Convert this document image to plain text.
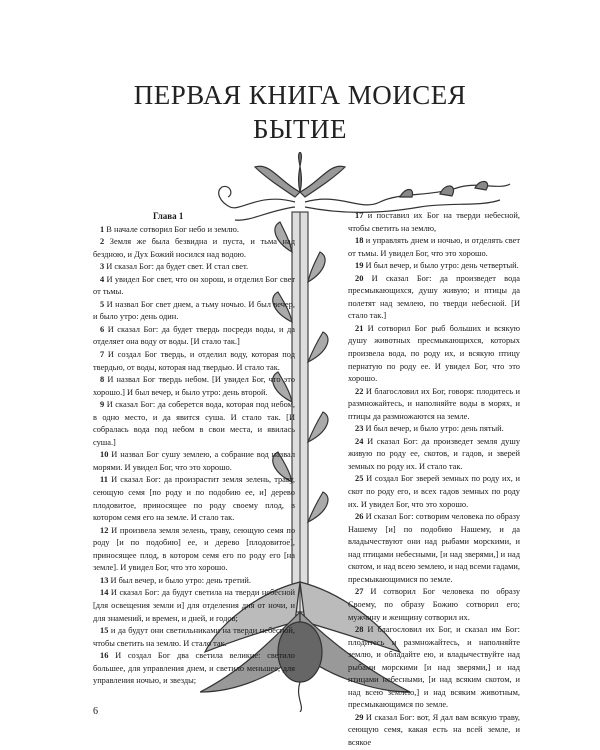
ПЕРВАЯ КНИГА МОИСЕЯ
БЫТИЕ
Глава 1

1 В начале сотворил Бог небо и землю.

2 Земля же была безвидна и пуста, и тьма над бездною, и Дух Божий носился над водою.

3 И сказал Бог: да будет свет. И стал свет.

4 И увидел Бог свет, что он хорош, и отделил Бог свет от тьмы.

5 И назвал Бог свет днем, а тьму ночью. И был вечер, и было утро: день один.

6 И сказал Бог: да будет твердь посреди воды, и да отделяет она воду от воды. [И стало так.]

7 И создал Бог твердь, и отделил воду, которая под твердью, от воды, которая над твердью. И стало так.

8 И назвал Бог твердь небом. [И увидел Бог, что это хорошо.] И был вечер, и было утро: день второй.

9 И сказал Бог: да соберется вода, которая под небом, в одно место, и да явится суша. И стало так. [И собралась вода под небом в свои места, и явилась суша.]

10 И назвал Бог сушу землею, а собрание вод назвал морями. И увидел Бог, что это хорошо.

11 И сказал Бог: да произрастит земля зелень, траву, сеющую семя [по роду и по подобию ее, и] дерево плодовитое, приносящее по роду своему плод, в котором семя его на земле. И стало так.

12 И произвела земля зелень, траву, сеющую семя по роду [и по подобию] ее, и дерево [плодовитое], приносящее плод, в котором семя его по роду его [на земле]. И увидел Бог, что это хорошо.

13 И был вечер, и было утро: день третий.

14 И сказал Бог: да будут светила на тверди небесной [для освещения земли и] для отделения дня от ночи, и для знамений, и времен, и дней, и годов;

15 и да будут они светильниками на тверди небесной, чтобы светить на землю. И стало так.

16 И создал Бог два светила великие: светило большее, для управления днем, и светило меньшее, для управления ночью, и звезды;

17 и поставил их Бог на тверди небесной, чтобы светить на землю,

18 и управлять днем и ночью, и отделять свет от тьмы. И увидел Бог, что это хорошо.

19 И был вечер, и было утро: день четвертый.

20 И сказал Бог: да произведет вода пресмыкающихся, душу живую; и птицы да полетят над землею, по тверди небесной. [И стало так.]

21 И сотворил Бог рыб больших и всякую душу животных пресмыкающихся, которых произвела вода, по роду их, и всякую птицу пернатую по роду ее. И увидел Бог, что это хорошо.

22 И благословил их Бог, говоря: плодитесь и размножайтесь, и наполняйте воды в морях, и птицы да размножаются на земле.

23 И был вечер, и было утро: день пятый.

24 И сказал Бог: да произведет земля душу живую по роду ее, скотов, и гадов, и зверей земных по роду их. И стало так.

25 И создал Бог зверей земных по роду их, и скот по роду его, и всех гадов земных по роду их. И увидел Бог, что это хорошо.

26 И сказал Бог: сотворим человека по образу Нашему [и] по подобию Нашему, и да владычествуют они над рыбами морскими, и над птицами небесными, [и над зверями,] и над скотом, и над всею землею, и над всеми гадами, пресмыкающимися по земле.

27 И сотворил Бог человека по образу Своему, по образу Божию сотворил его; мужчину и женщину сотворил их.

28 И благословил их Бог, и сказал им Бог: плодитесь и размножайтесь, и наполняйте землю, и обладайте ею, и владычествуйте над рыбами морскими [и над зверями,] и над птицами небесными, [и над всяким скотом, и над всею землею,] и над всяким животным, пресмыкающимся по земле.

29 И сказал Бог: вот, Я дал вам всякую траву, сеющую семя, какая есть на всей земле, и всякое

6
